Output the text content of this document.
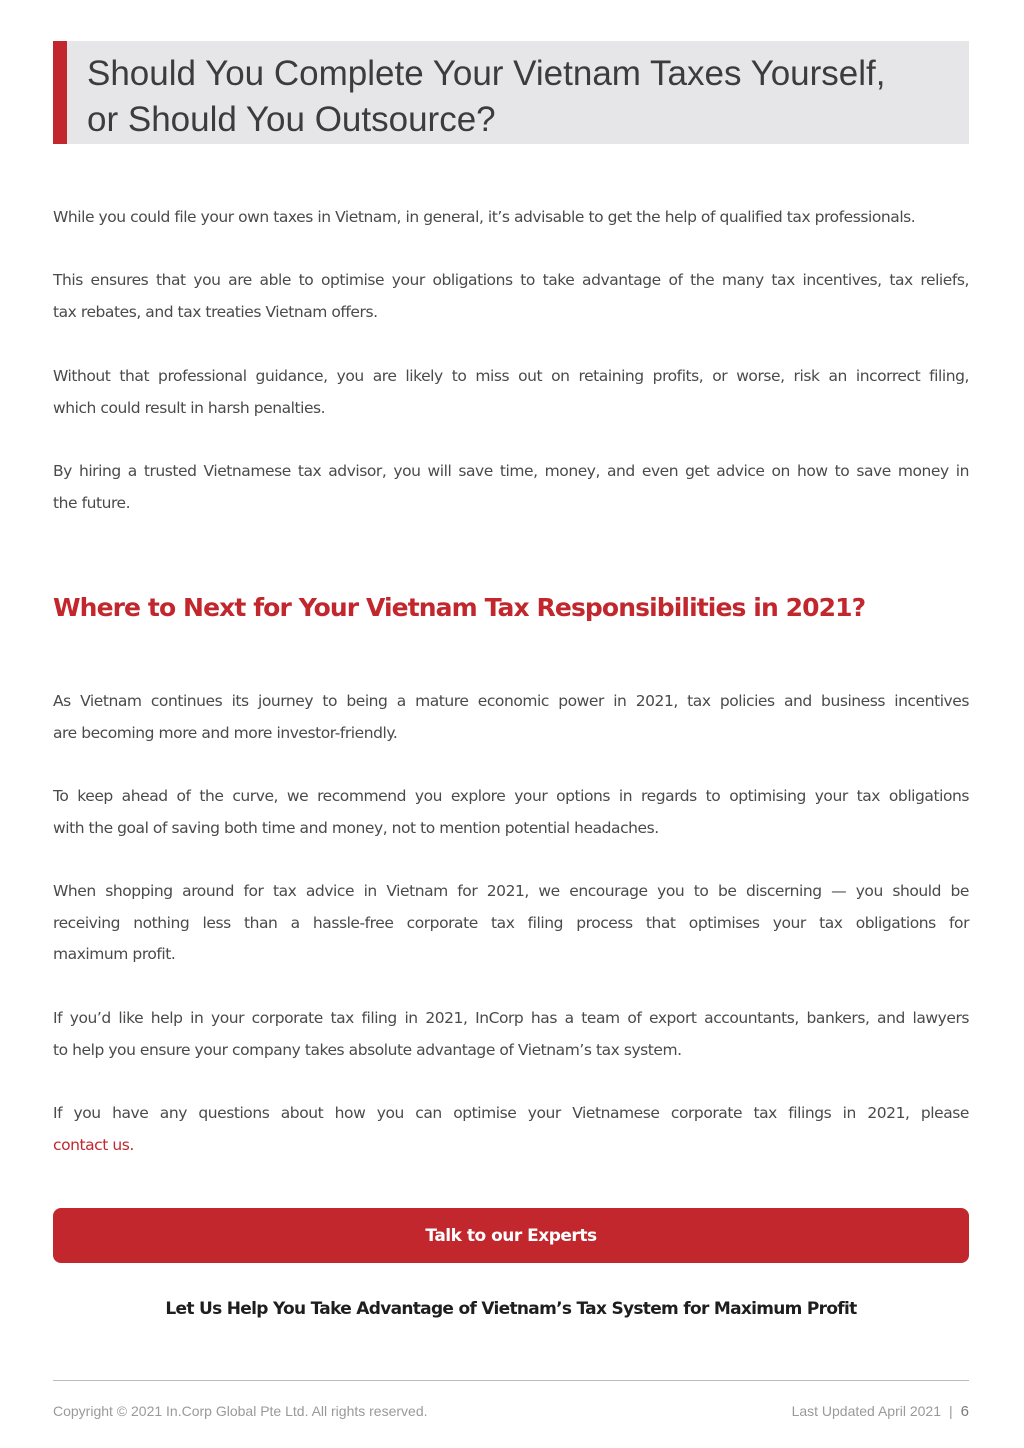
Should You Complete Your Vietnam Taxes Yourself,
or Should You Outsource?
While you could file your own taxes in Vietnam, in general, it’s advisable to get the help of qualified tax professionals.
This ensures that you are able to optimise your obligations to take advantage of the many tax incentives, tax reliefs,
tax rebates, and tax treaties Vietnam offers.
Without that professional guidance, you are likely to miss out on retaining profits, or worse, risk an incorrect filing,
which could result in harsh penalties.
By hiring a trusted Vietnamese tax advisor, you will save time, money, and even get advice on how to save money in
the future.
Where to Next for Your Vietnam Tax Responsibilities in 2021?
As Vietnam continues its journey to being a mature economic power in 2021, tax policies and business incentives
are becoming more and more investor-friendly.
To keep ahead of the curve, we recommend you explore your options in regards to optimising your tax obligations
with the goal of saving both time and money, not to mention potential headaches.
When shopping around for tax advice in Vietnam for 2021, we encourage you to be discerning — you should be
receiving nothing less than a hassle-free corporate tax filing process that optimises your tax obligations for
maximum profit.
If you’d like help in your corporate tax filing in 2021, InCorp has a team of export accountants, bankers, and lawyers
to help you ensure your company takes absolute advantage of Vietnam’s tax system.
If you have any questions about how you can optimise your Vietnamese corporate tax filings in 2021, please
contact us.
Talk to our Experts
Let Us Help You Take Advantage of Vietnam’s Tax System for Maximum Profit
Copyright © 2021 In.Corp Global Pte Ltd. All rights reserved.	Last Updated April 2021 | 6
